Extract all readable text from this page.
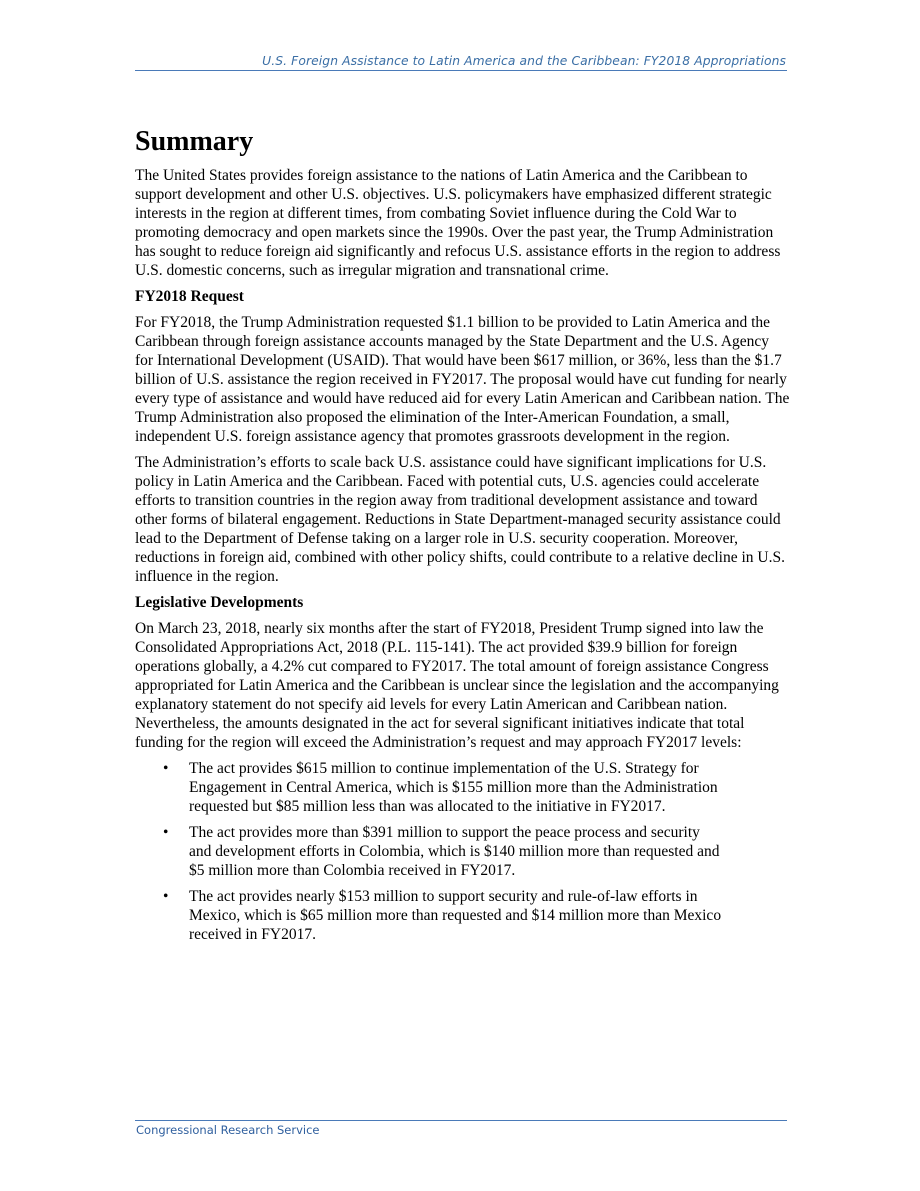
U.S. Foreign Assistance to Latin America and the Caribbean: FY2018 Appropriations
Summary

The United States provides foreign assistance to the nations of Latin America and the Caribbean to support development and other U.S. objectives. U.S. policymakers have emphasized different strategic interests in the region at different times, from combating Soviet influence during the Cold War to promoting democracy and open markets since the 1990s. Over the past year, the Trump Administration has sought to reduce foreign aid significantly and refocus U.S. assistance efforts in the region to address U.S. domestic concerns, such as irregular migration and transnational crime.

FY2018 Request

For FY2018, the Trump Administration requested $1.1 billion to be provided to Latin America and the Caribbean through foreign assistance accounts managed by the State Department and the U.S. Agency for International Development (USAID). That would have been $617 million, or 36%, less than the $1.7 billion of U.S. assistance the region received in FY2017. The proposal would have cut funding for nearly every type of assistance and would have reduced aid for every Latin American and Caribbean nation. The Trump Administration also proposed the elimination of the Inter-American Foundation, a small, independent U.S. foreign assistance agency that promotes grassroots development in the region.

The Administration’s efforts to scale back U.S. assistance could have significant implications for U.S. policy in Latin America and the Caribbean. Faced with potential cuts, U.S. agencies could accelerate efforts to transition countries in the region away from traditional development assistance and toward other forms of bilateral engagement. Reductions in State Department-managed security assistance could lead to the Department of Defense taking on a larger role in U.S. security cooperation. Moreover, reductions in foreign aid, combined with other policy shifts, could contribute to a relative decline in U.S. influence in the region.

Legislative Developments

On March 23, 2018, nearly six months after the start of FY2018, President Trump signed into law the Consolidated Appropriations Act, 2018 (P.L. 115-141). The act provided $39.9 billion for foreign operations globally, a 4.2% cut compared to FY2017. The total amount of foreign assistance Congress appropriated for Latin America and the Caribbean is unclear since the legislation and the accompanying explanatory statement do not specify aid levels for every Latin American and Caribbean nation. Nevertheless, the amounts designated in the act for several significant initiatives indicate that total funding for the region will exceed the Administration’s request and may approach FY2017 levels:

• The act provides $615 million to continue implementation of the U.S. Strategy for Engagement in Central America, which is $155 million more than the Administration requested but $85 million less than was allocated to the initiative in FY2017.
• The act provides more than $391 million to support the peace process and security and development efforts in Colombia, which is $140 million more than requested and $5 million more than Colombia received in FY2017.
• The act provides nearly $153 million to support security and rule-of-law efforts in Mexico, which is $65 million more than requested and $14 million more than Mexico received in FY2017.
Congressional Research Service
